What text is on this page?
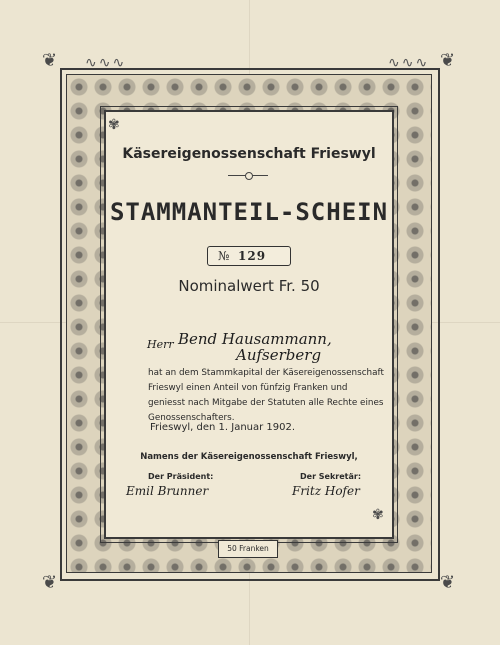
❦	❦
❦	❦
✾
✾
∿∿∿	∿∿∿
Käsereigenossenschaft Frieswyl
STAMMANTEIL-SCHEIN
№ 129
Nominalwert Fr. 50
Herr Bend Hausammann,
Aufserberg
hat an dem Stammkapital der Käsereigenossenschaft Frieswyl einen Anteil von fünfzig Franken und geniesst nach Mitgabe der Statuten alle Rechte eines Genossenschafters.
Frieswyl, den 1. Januar 1902.
Namens der Käsereigenossenschaft Frieswyl,
Der Präsident:	Der Sekretär:
Emil Brunner	Fritz Hofer
50 Franken
